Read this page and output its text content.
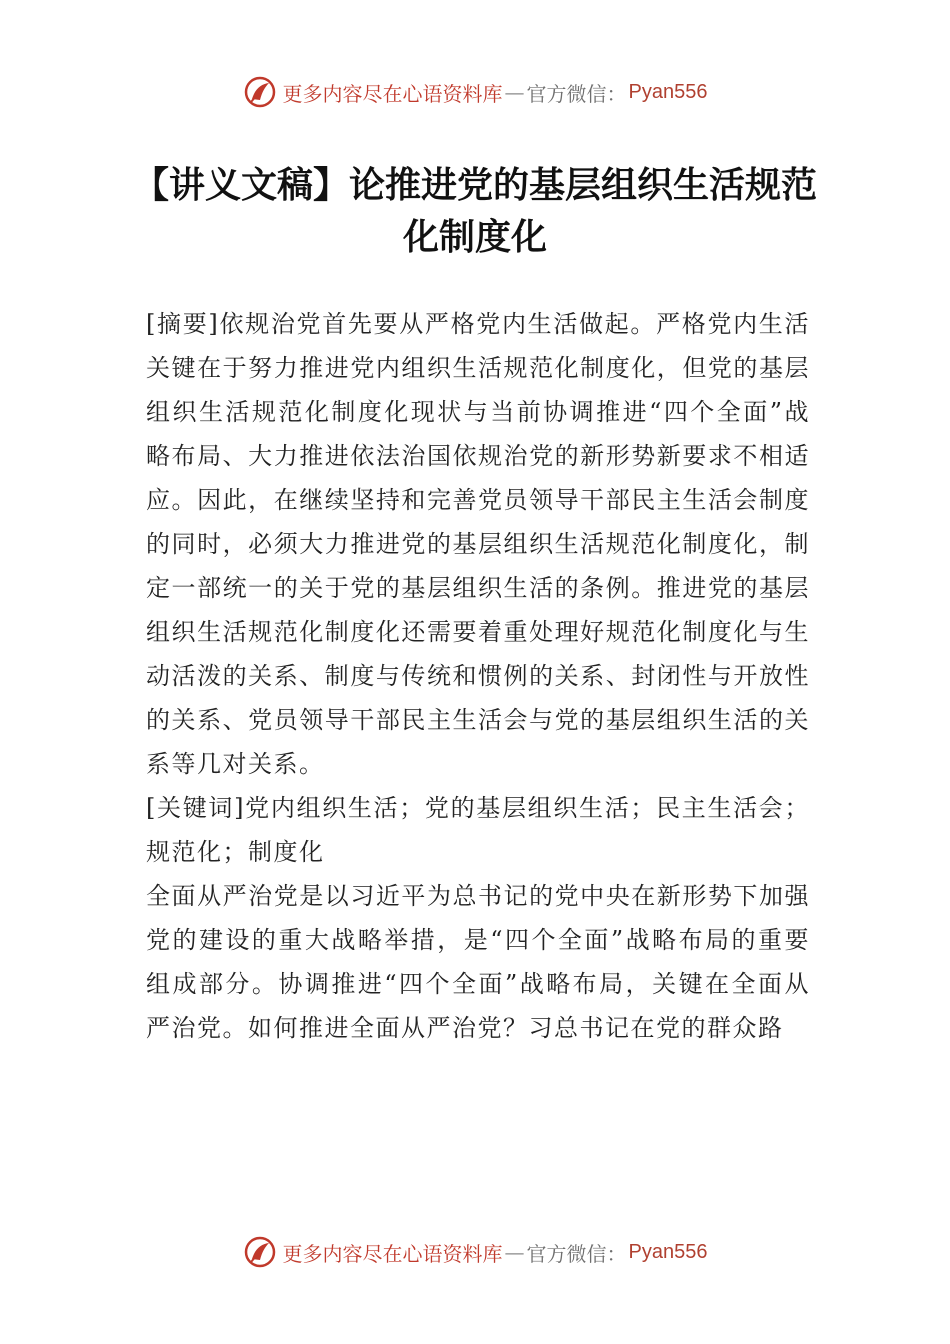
更多内容尽在心语资料库 — 官方微信： Pyan556
【讲义文稿】论推进党的基层组织生活规范化制度化

[摘要]依规治党首先要从严格党内生活做起。严格党内生活关键在于努力推进党内组织生活规范化制度化，但党的基层组织生活规范化制度化现状与当前协调推进“四个全面”战略布局、大力推进依法治国依规治党的新形势新要求不相适应。因此，在继续坚持和完善党员领导干部民主生活会制度的同时，必须大力推进党的基层组织生活规范化制度化，制定一部统一的关于党的基层组织生活的条例。推进党的基层组织生活规范化制度化还需要着重处理好规范化制度化与生动活泼的关系、制度与传统和惯例的关系、封闭性与开放性的关系、党员领导干部民主生活会与党的基层组织生活的关系等几对关系。

[关键词]党内组织生活；党的基层组织生活；民主生活会； 规范化；制度化

全面从严治党是以习近平为总书记的党中央在新形势下加强党的建设的重大战略举措，是“四个全面”战略布局的重要组成部分。协调推进“四个全面”战略布局，关键在全面从严治党。如何推进全面从严治党？习总书记在党的群众路

更多内容尽在心语资料库 — 官方微信： Pyan556
